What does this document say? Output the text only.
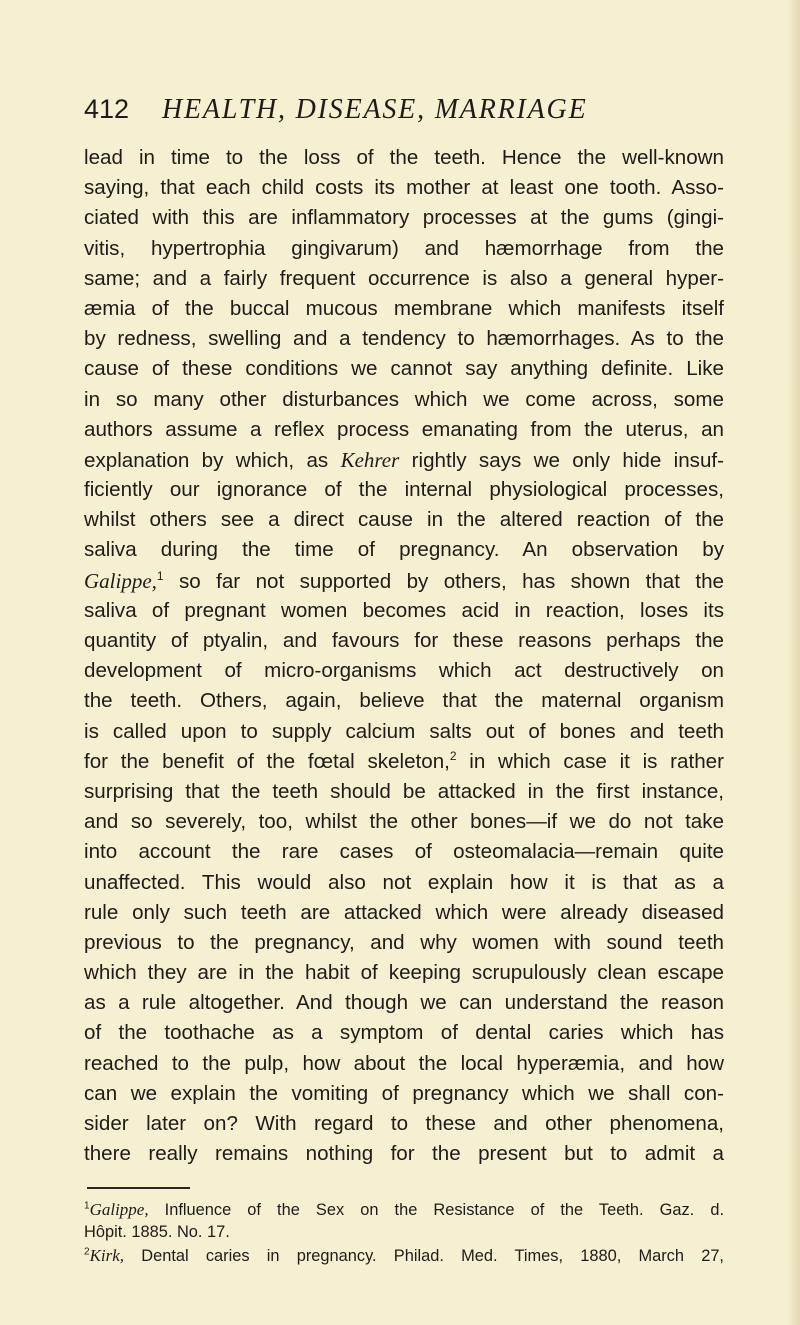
412 HEALTH, DISEASE, MARRIAGE
lead in time to the loss of the teeth. Hence the well-known
saying, that each child costs its mother at least one tooth. Asso-
ciated with this are inflammatory processes at the gums (gingi-
vitis, hypertrophia gingivarum) and hæmorrhage from the
same; and a fairly frequent occurrence is also a general hyper-
æmia of the buccal mucous membrane which manifests itself
by redness, swelling and a tendency to hæmorrhages. As to the
cause of these conditions we cannot say anything definite. Like
in so many other disturbances which we come across, some
authors assume a reflex process emanating from the uterus, an
explanation by which, as Kehrer rightly says we only hide insuf-
ficiently our ignorance of the internal physiological processes,
whilst others see a direct cause in the altered reaction of the
saliva during the time of pregnancy. An observation by
Galippe,$^1$ so far not supported by others, has shown that the
saliva of pregnant women becomes acid in reaction, loses its
quantity of ptyalin, and favours for these reasons perhaps the
development of micro-organisms which act destructively on
the teeth. Others, again, believe that the maternal organism
is called upon to supply calcium salts out of bones and teeth
for the benefit of the fœtal skeleton,$^2$ in which case it is rather
surprising that the teeth should be attacked in the first instance,
and so severely, too, whilst the other bones—if we do not take
into account the rare cases of osteomalacia—remain quite
unaffected. This would also not explain how it is that as a
rule only such teeth are attacked which were already diseased
previous to the pregnancy, and why women with sound teeth
which they are in the habit of keeping scrupulously clean escape
as a rule altogether. And though we can understand the reason
of the toothache as a symptom of dental caries which has
reached to the pulp, how about the local hyperæmia, and how
can we explain the vomiting of pregnancy which we shall con-
sider later on? With regard to these and other phenomena,
there really remains nothing for the present but to admit a
$^1$Galippe, Influence of the Sex on the Resistance of the Teeth. Gaz. d.
Hôpit. 1885. No. 17.
$^2$Kirk, Dental caries in pregnancy. Philad. Med. Times, 1880, March 27,
